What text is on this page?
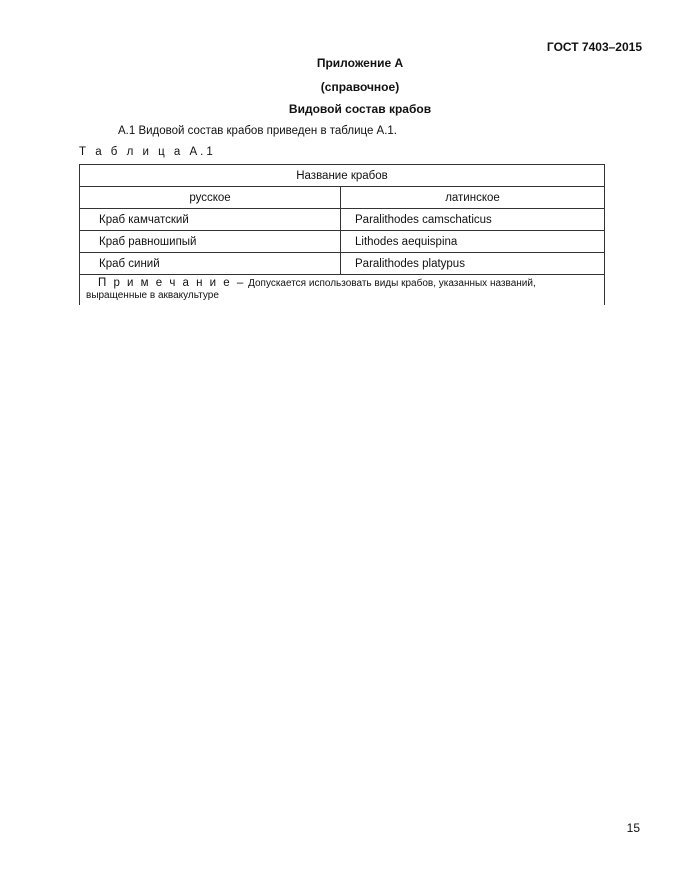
ГОСТ 7403–2015
Приложение А
(справочное)
Видовой состав крабов
А.1 Видовой состав крабов приведен в таблице А.1.
Т а б л и ц а А.1
Название крабов	
русское	латинское
Краб камчатский	Paralithodes camschaticus
Краб равношипый	Lithodes aequispina
Краб синий	Paralithodes platypus
П р и м е ч а н и е – Допускается использовать виды крабов, указанных названий, выращенные в аквакультуре	
15
